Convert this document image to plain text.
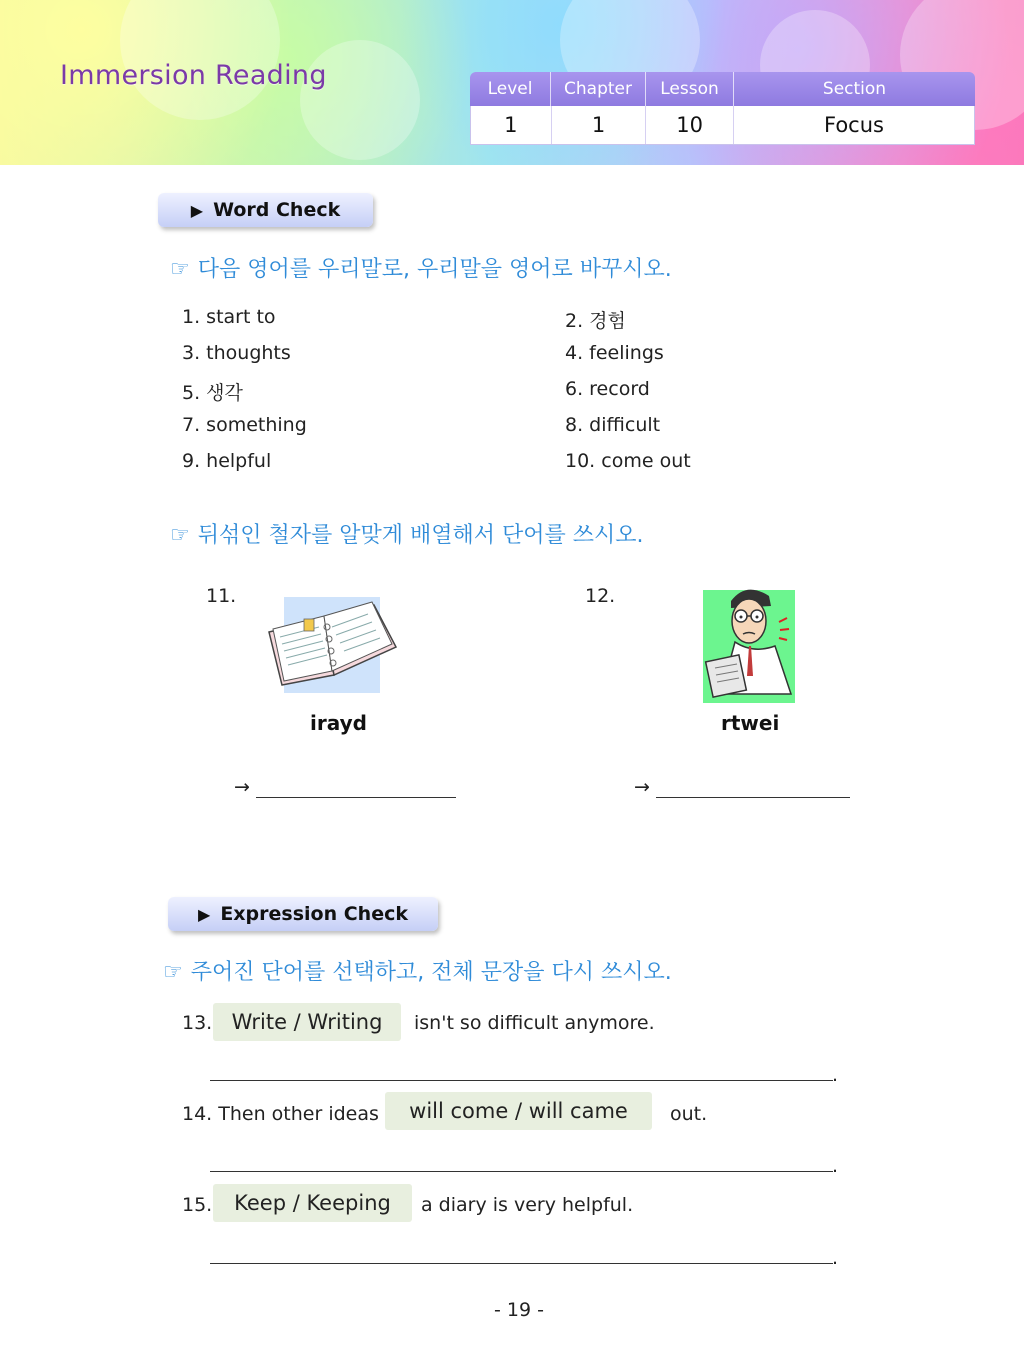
Immersion Reading	Level	Chapter	Lesson	Section
1	1	10	Focus
▶ Word Check
☞ 다음 영어를 우리말로, 우리말을 영어로 바꾸시오.
1. start to	2. 경험
3. thoughts	4. feelings
5. 생각	6. record
7. something	8. difficult
9. helpful	10. come out
☞ 뒤섞인 철자를 알맞게 배열해서 단어를 쓰시오.
11.
irayd
→
12.
rtwei
→
▶ Expression Check
☞ 주어진 단어를 선택하고, 전체 문장을 다시 쓰시오.
13. Write / Writing	isn't so difficult anymore.
.
14. Then other ideas	will come / will came	out.
.
15.	Keep / Keeping	a diary is very helpful.
.
- 19 -
